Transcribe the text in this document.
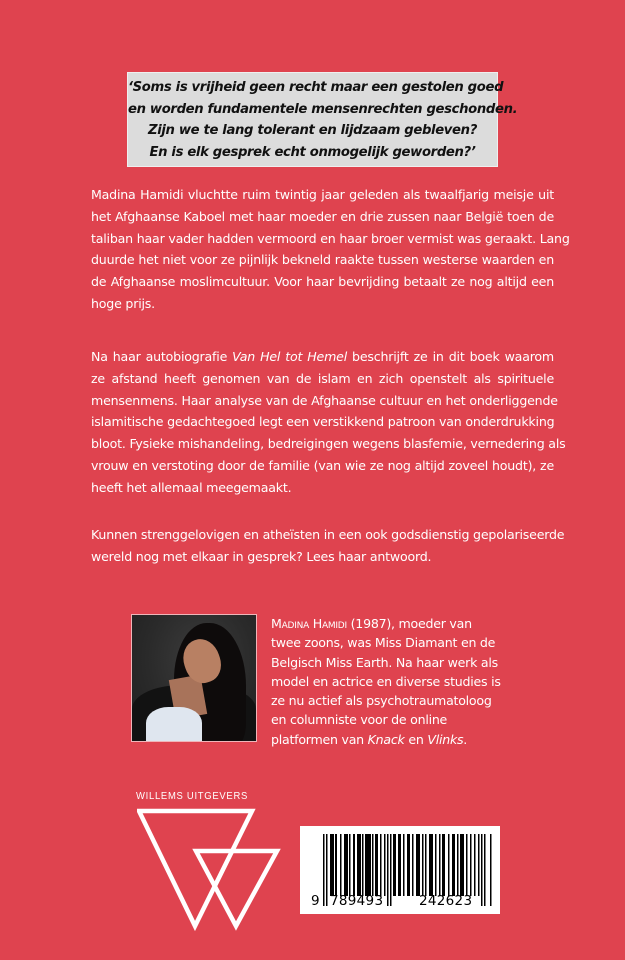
‘Soms is vrijheid geen recht maar een gestolen goed
en worden fundamentele mensenrechten geschonden.
Zijn we te lang tolerant en lijdzaam gebleven?
En is elk gesprek echt onmogelijk geworden?’
Madina Hamidi vluchtte ruim twintig jaar geleden als twaalfjarig meisje uit
het Afghaanse Kaboel met haar moeder en drie zussen naar België toen de
taliban haar vader hadden vermoord en haar broer vermist was geraakt. Lang
duurde het niet voor ze pijnlijk bekneld raakte tussen westerse waarden en
de Afghaanse moslimcultuur. Voor haar bevrijding betaalt ze nog altijd een
hoge prijs.
Na haar autobiografie Van Hel tot Hemel beschrijft ze in dit boek waarom
ze afstand heeft genomen van de islam en zich openstelt als spirituele
mensenmens. Haar analyse van de Afghaanse cultuur en het onderliggende
islamitische gedachtegoed legt een verstikkend patroon van onderdrukking
bloot. Fysieke mishandeling, bedreigingen wegens blasfemie, vernedering als
vrouw en verstoting door de familie (van wie ze nog altijd zoveel houdt), ze
heeft het allemaal meegemaakt.
Kunnen strenggelovigen en atheïsten in een ook godsdienstig gepolariseerde
wereld nog met elkaar in gesprek? Lees haar antwoord.
Madina Hamidi (1987), moeder van
twee zoons, was Miss Diamant en de
Belgisch Miss Earth. Na haar werk als
model en actrice en diverse studies is
ze nu actief als psychotraumatoloog
en columniste voor de online
platformen van Knack en Vlinks.
WILLEMS UITGEVERS
9 789493	242623
